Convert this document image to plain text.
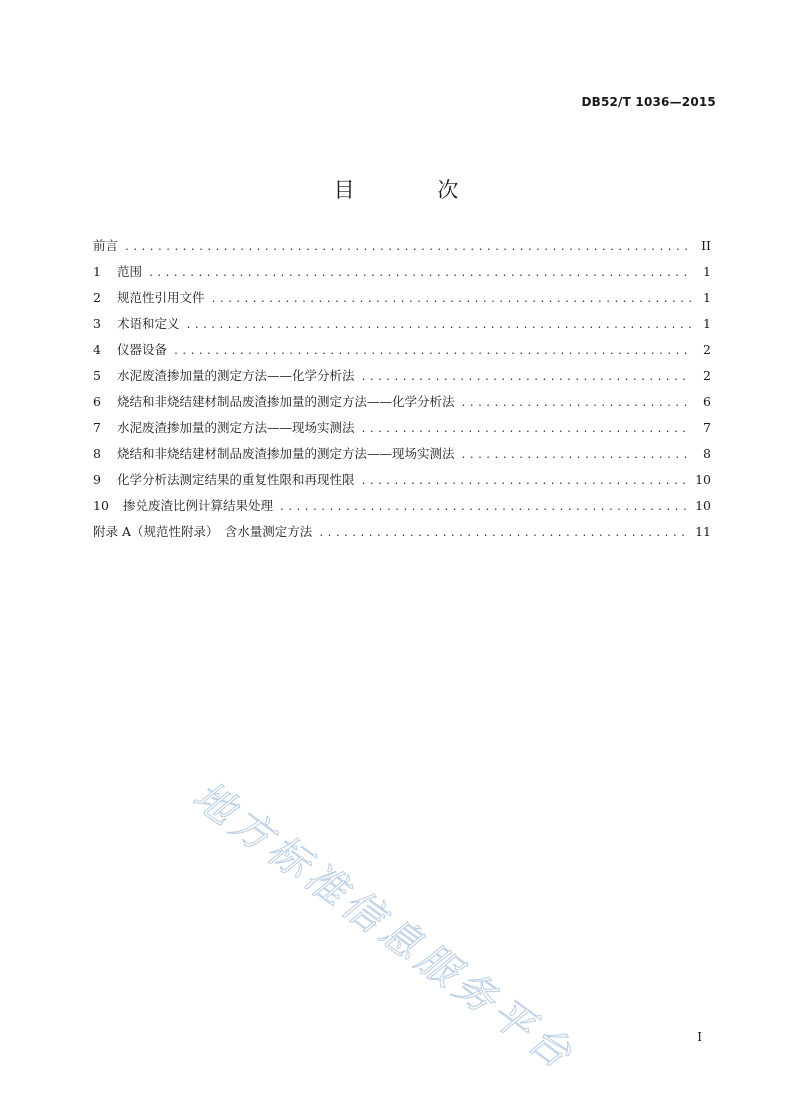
DB52/T 1036—2015
目 次
前言 .....	II
1	范围 .....	1
2	规范性引用文件 .....	1
3	术语和定义 .....	1
4	仪器设备 .....	2
5	水泥废渣掺加量的测定方法——化学分析法 .....	2
6	烧结和非烧结建材制品废渣掺加量的测定方法——化学分析法 .....	6
7	水泥废渣掺加量的测定方法——现场实测法 .....	7
8	烧结和非烧结建材制品废渣掺加量的测定方法——现场实测法 .....	8
9	化学分析法测定结果的重复性限和再现性限 .....	10
10	掺兑废渣比例计算结果处理 .....	10
附录 A（规范性附录）　含水量测定方法 .....	11
地方标准信息服务平台	I
